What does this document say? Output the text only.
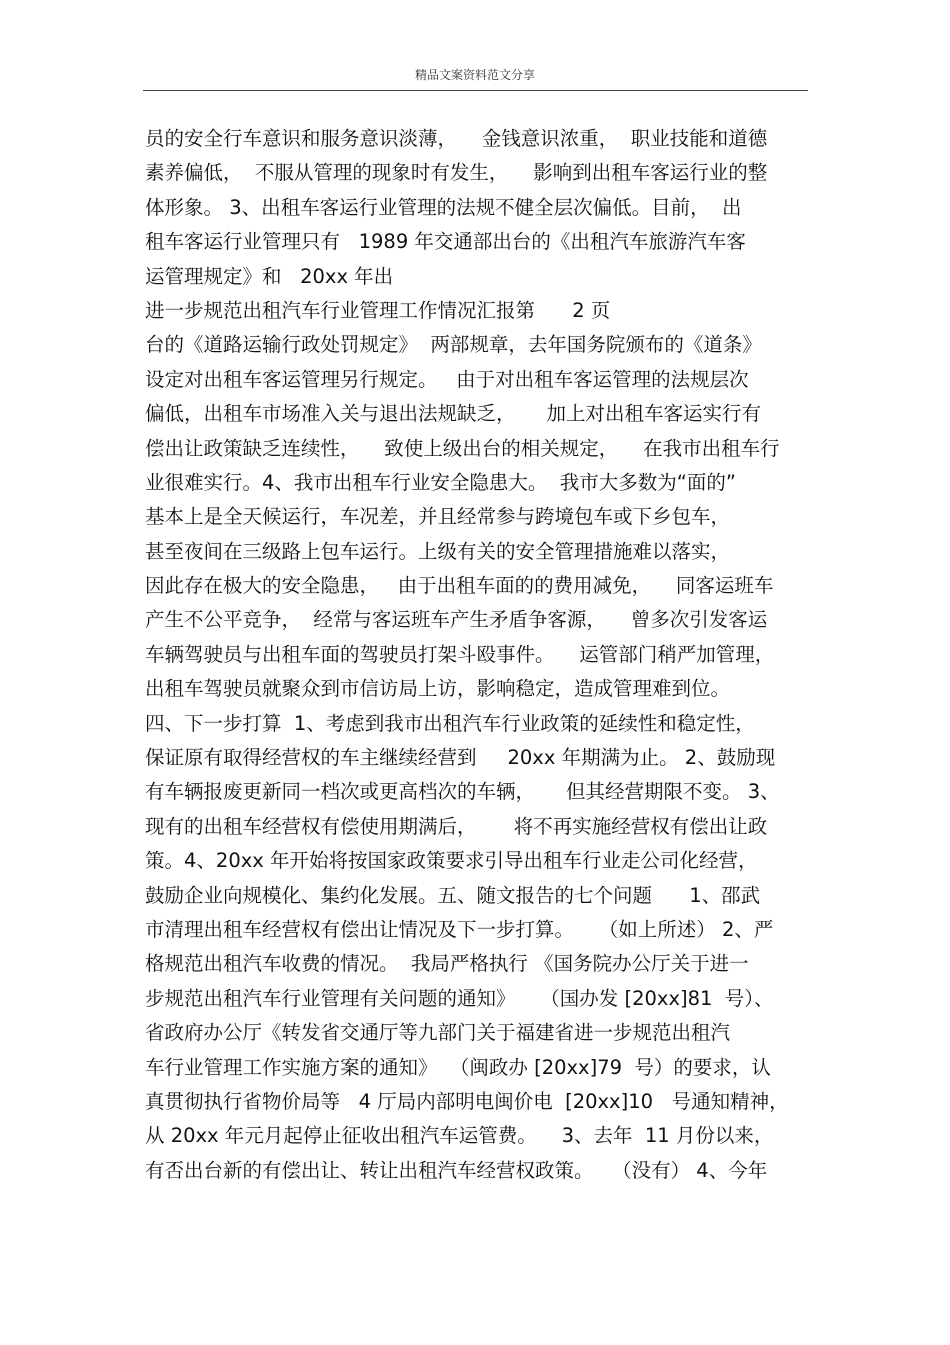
精品文案资料范文分享
员的安全行车意识和服务意识淡薄，    金钱意识浓重，  职业技能和道德
素养偏低，  不服从管理的现象时有发生，    影响到出租车客运行业的整
体形象。 3、出租车客运行业管理的法规不健全层次偏低。目前，  出
租车客运行业管理只有   1989 年交通部出台的《出租汽车旅游汽车客
运管理规定》和   20xx 年出
进一步规范出租汽车行业管理工作情况汇报第      2 页
台的《道路运输行政处罚规定》  两部规章，去年国务院颁布的《道条》
设定对出租车客运管理另行规定。   由于对出租车客运管理的法规层次
偏低，出租车市场准入关与退出法规缺乏，     加上对出租车客运实行有
偿出让政策缺乏连续性，    致使上级出台的相关规定，    在我市出租车行
业很难实行。4、我市出租车行业安全隐患大。  我市大多数为“面的”
基本上是全天候运行，车况差，并且经常参与跨境包车或下乡包车，
甚至夜间在三级路上包车运行。上级有关的安全管理措施难以落实，
因此存在极大的安全隐患，   由于出租车面的的费用减免，    同客运班车
产生不公平竞争，  经常与客运班车产生矛盾争客源，    曾多次引发客运
车辆驾驶员与出租车面的驾驶员打架斗殴事件。    运管部门稍严加管理，
出租车驾驶员就聚众到市信访局上访，影响稳定，造成管理难到位。
四、下一步打算  1、考虑到我市出租汽车行业政策的延续性和稳定性，
保证原有取得经营权的车主继续经营到     20xx 年期满为止。 2、鼓励现
有车辆报废更新同一档次或更高档次的车辆，     但其经营期限不变。 3、
现有的出租车经营权有偿使用期满后，      将不再实施经营权有偿出让政
策。4、20xx 年开始将按国家政策要求引导出租车行业走公司化经营，
鼓励企业向规模化、集约化发展。五、随文报告的七个问题      1、邵武
市清理出租车经营权有偿出让情况及下一步打算。    （如上所述） 2、严
格规范出租汽车收费的情况。  我局严格执行 《国务院办公厅关于进一
步规范出租汽车行业管理有关问题的通知》    （国办发 [20xx]81  号）、
省政府办公厅《转发省交通厅等九部门关于福建省进一步规范出租汽
车行业管理工作实施方案的通知》  （闽政办 [20xx]79  号）的要求，认
真贯彻执行省物价局等   4 厅局内部明电闽价电  [20xx]10   号通知精神，
从 20xx 年元月起停止征收出租汽车运管费。    3、去年  11 月份以来，
有否出台新的有偿出让、转让出租汽车经营权政策。   （没有） 4、今年
